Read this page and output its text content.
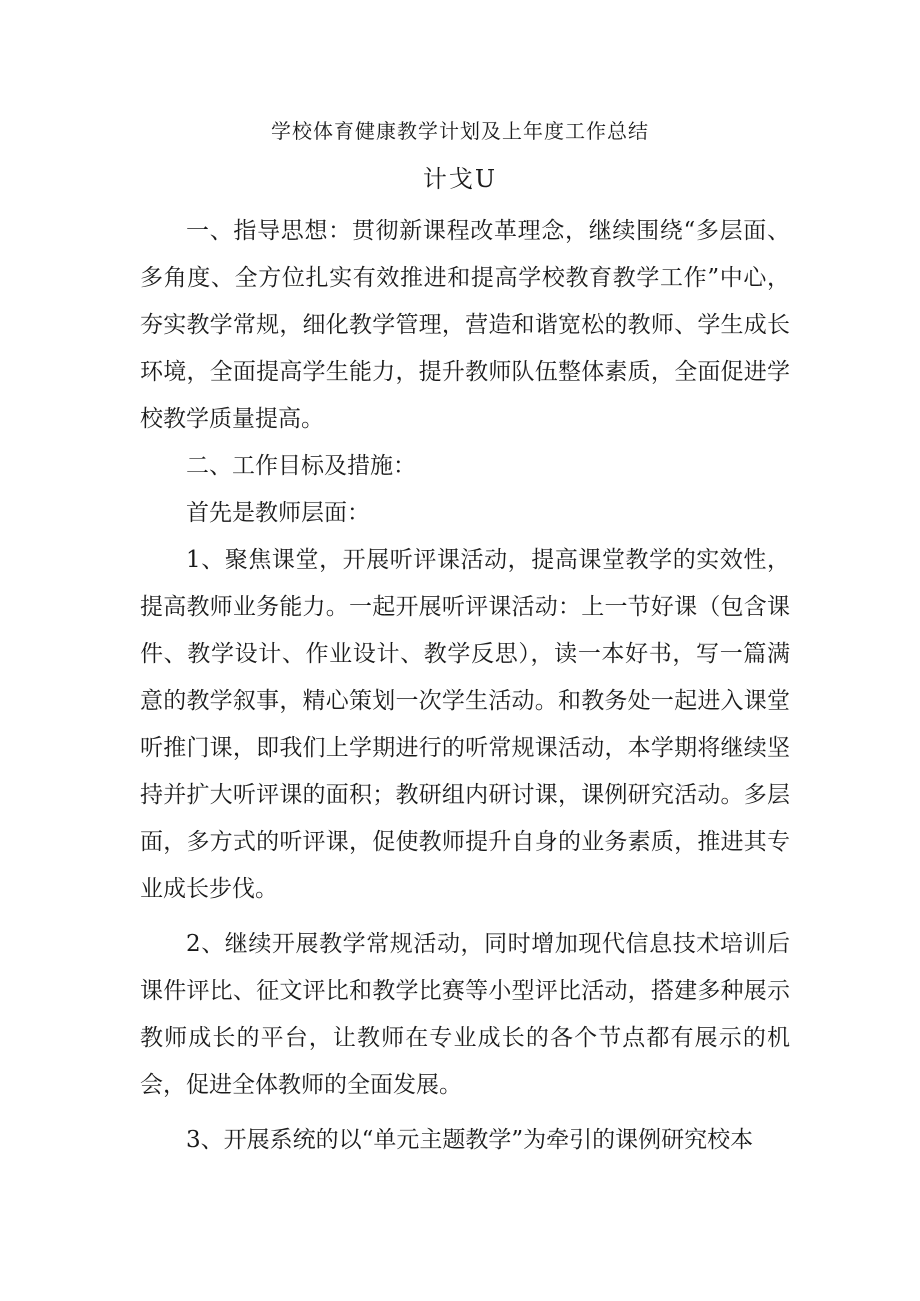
学校体育健康教学计划及上年度工作总结
计戈U

一、指导思想：贯彻新课程改革理念，继续围绕“多层面、多角度、全方位扎实有效推进和提高学校教育教学工作”中心，夯实教学常规，细化教学管理，营造和谐宽松的教师、学生成长环境，全面提高学生能力，提升教师队伍整体素质，全面促进学校教学质量提高。

二、工作目标及措施：

首先是教师层面：

1、聚焦课堂，开展听评课活动，提高课堂教学的实效性，提高教师业务能力。一起开展听评课活动：上一节好课（包含课件、教学设计、作业设计、教学反思），读一本好书，写一篇满意的教学叙事，精心策划一次学生活动。和教务处一起进入课堂听推门课，即我们上学期进行的听常规课活动，本学期将继续坚持并扩大听评课的面积；教研组内研讨课，课例研究活动。多层面，多方式的听评课，促使教师提升自身的业务素质，推进其专业成长步伐。

2、继续开展教学常规活动，同时增加现代信息技术培训后课件评比、征文评比和教学比赛等小型评比活动，搭建多种展示教师成长的平台，让教师在专业成长的各个节点都有展示的机会，促进全体教师的全面发展。

3、开展系统的以“单元主题教学”为牵引的课例研究校本
